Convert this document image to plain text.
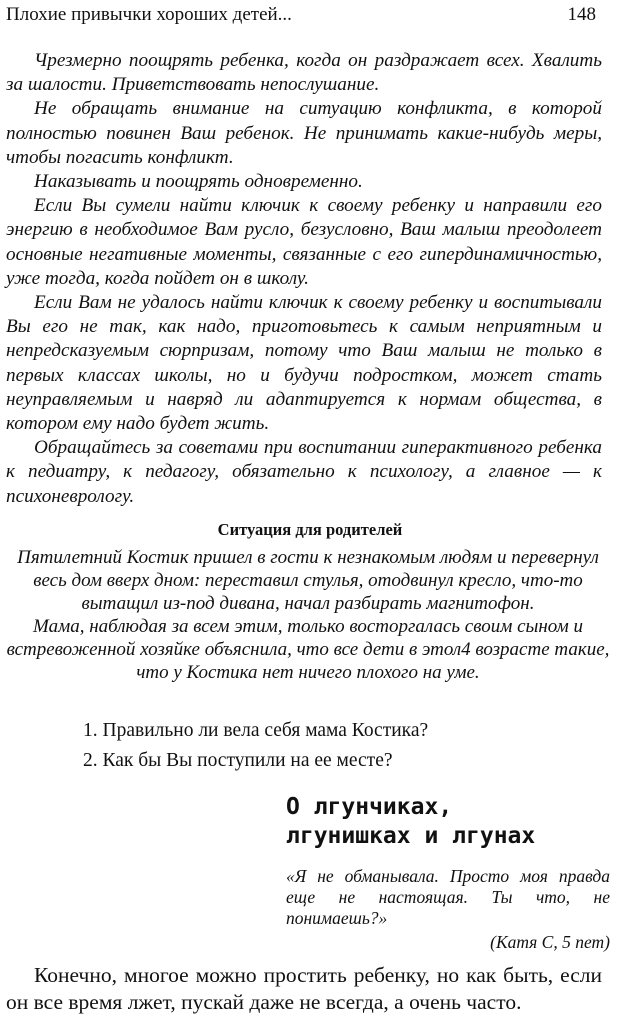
Плохие привычки хороших детей...	148

Чрезмерно поощрять ребенка, когда он раздражает всех. Хвалить за шалости. Приветствовать непослушание.

Не обращать внимание на ситуацию конфликта, в которой полностью повинен Ваш ребенок. Не принимать какие-нибудь меры, чтобы погасить конфликт.

Наказывать и поощрять одновременно.

Если Вы сумели найти ключик к своему ребенку и направили его энергию в необходимое Вам русло, безусловно, Ваш малыш преодолеет основные негативные моменты, связанные с его гипердинамичностью, уже тогда, когда пойдет он в школу.

Если Вам не удалось найти ключик к своему ребенку и воспитывали Вы его не так, как надо, приготовьтесь к самым неприятным и непредсказуемым сюрпризам, потому что Ваш малыш не только в первых классах школы, но и будучи подростком, может стать неуправляемым и навряд ли адаптируется к нормам общества, в котором ему надо будет жить.

Обращайтесь за советами при воспитании гиперактивного ребенка к педиатру, к педагогу, обязательно к психологу, а главное — к психоневрологу.

Ситуация для родителей

Пятилетний Костик пришел в гости к незнакомым людям и перевернул весь дом вверх дном: переставил стулья, отодвинул кресло, что-то вытащил из-под дивана, начал разбирать магнитофон.

Мама, наблюдая за всем этим, только восторгалась своим сыном и встревоженной хозяйке объяснила, что все дети в этол4 возрасте такие, что у Костика нет ничего плохого на уме.

1. Правильно ли вела себя мама Костика?
2. Как бы Вы поступили на ее месте?
О лгунчиках,
лгунишках и лгунах
«Я не обманывала. Просто моя правда еще не настоящая. Ты что, не понимаешь?»
(Катя С, 5 пет)

Конечно, многое можно простить ребенку, но как быть, если он все время лжет, пускай даже не всегда, а очень часто.
